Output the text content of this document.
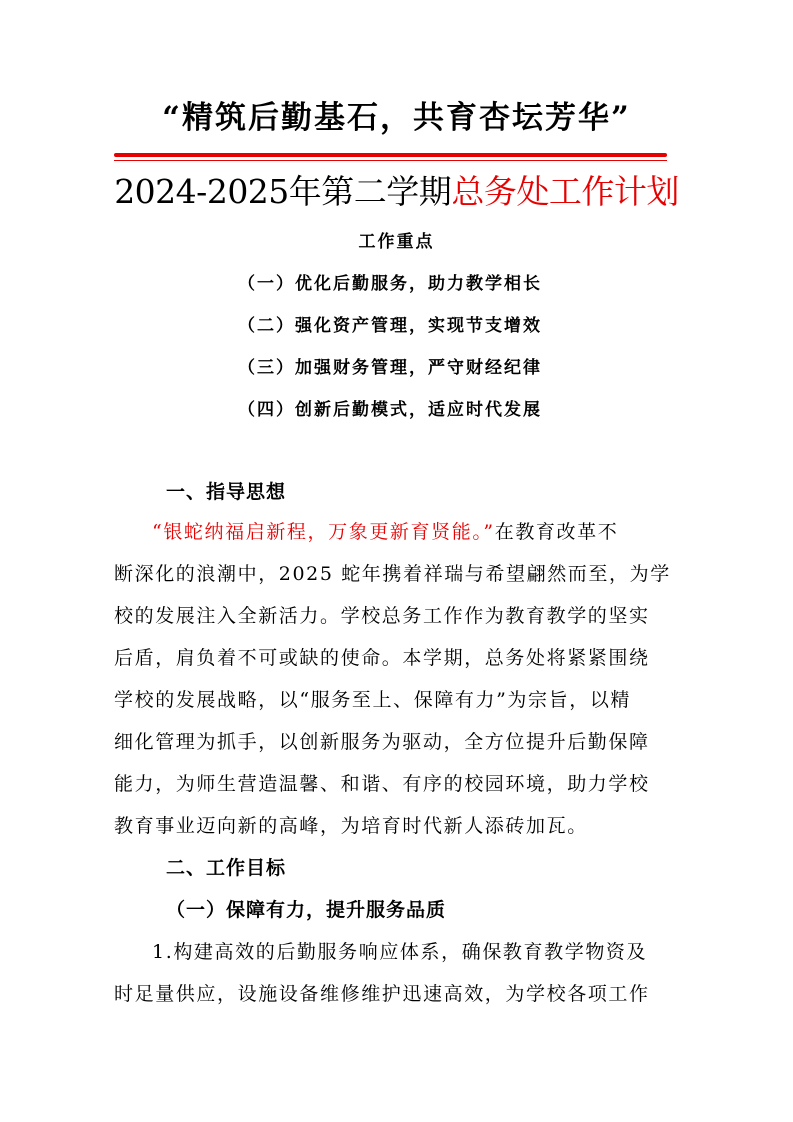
“精筑后勤基石，共育杏坛芳华”
2024-2025年第二学期总务处工作计划
工作重点
（一）优化后勤服务，助力教学相长
（二）强化资产管理，实现节支增效
（三）加强财务管理，严守财经纪律
（四）创新后勤模式，适应时代发展
一、指导思想
“银蛇纳福启新程，万象更新育贤能。”在教育改革不
断深化的浪潮中，2025 蛇年携着祥瑞与希望翩然而至，为学
校的发展注入全新活力。学校总务工作作为教育教学的坚实
后盾，肩负着不可或缺的使命。本学期，总务处将紧紧围绕
学校的发展战略，以“服务至上、保障有力”为宗旨，以精
细化管理为抓手，以创新服务为驱动，全方位提升后勤保障
能力，为师生营造温馨、和谐、有序的校园环境，助力学校
教育事业迈向新的高峰，为培育时代新人添砖加瓦。
二、工作目标
（一）保障有力，提升服务品质
1.构建高效的后勤服务响应体系，确保教育教学物资及
时足量供应，设施设备维修维护迅速高效，为学校各项工作
